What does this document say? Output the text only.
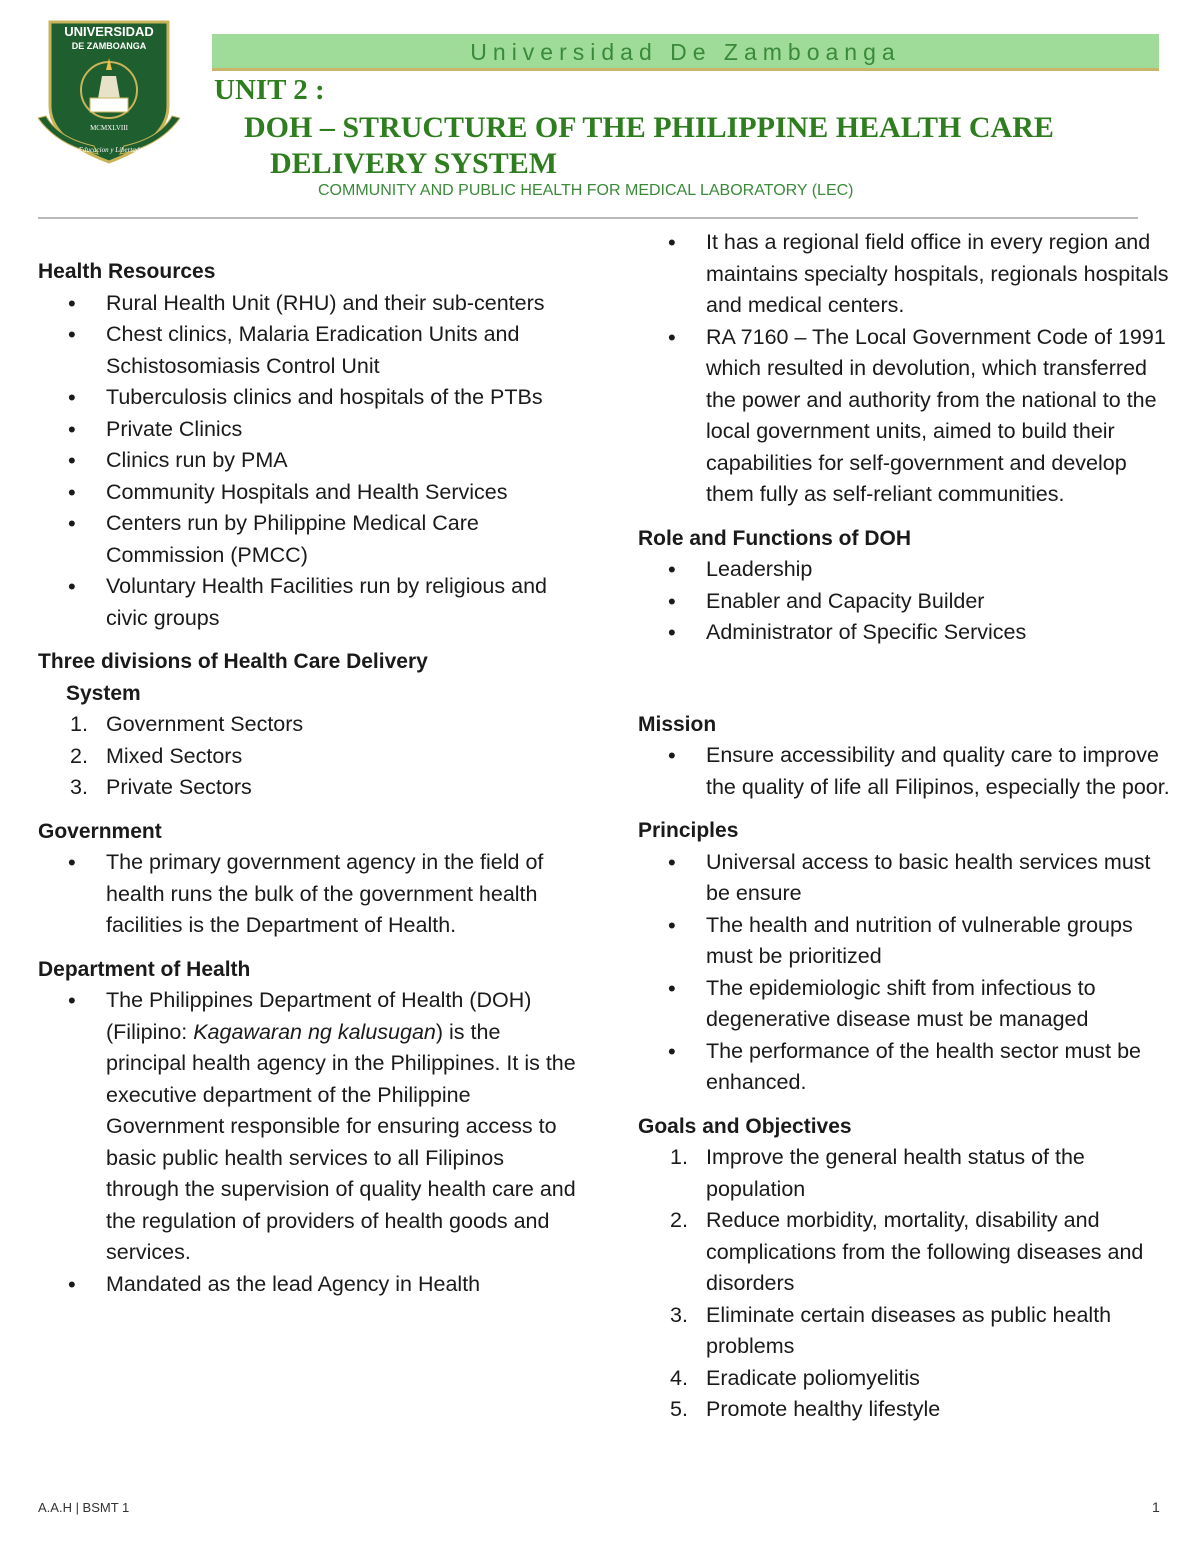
UNIVERSIDAD
DE ZAMBOANGA
MCMXLVIII
Educacion y Libertad
Universidad De Zamboanga
UNIT 2 :
DOH – STRUCTURE OF THE PHILIPPINE HEALTH CARE
DELIVERY SYSTEM
COMMUNITY AND PUBLIC HEALTH FOR MEDICAL LABORATORY (LEC)
Health Resources
• Rural Health Unit (RHU) and their sub-centers
• Chest clinics, Malaria Eradication Units and Schistosomiasis Control Unit
• Tuberculosis clinics and hospitals of the PTBs
• Private Clinics
• Clinics run by PMA
• Community Hospitals and Health Services
• Centers run by Philippine Medical Care Commission (PMCC)
• Voluntary Health Facilities run by religious and civic groups
Three divisions of Health Care Delivery
System
1. Government Sectors
2. Mixed Sectors
3. Private Sectors
Government
• The primary government agency in the field of health runs the bulk of the government health facilities is the Department of Health.
Department of Health
• The Philippines Department of Health (DOH) (Filipino: Kagawaran ng kalusugan) is the principal health agency in the Philippines. It is the executive department of the Philippine Government responsible for ensuring access to basic public health services to all Filipinos through the supervision of quality health care and the regulation of providers of health goods and services.
• Mandated as the lead Agency in Health
• It has a regional field office in every region and maintains specialty hospitals, regionals hospitals and medical centers.
• RA 7160 – The Local Government Code of 1991 which resulted in devolution, which transferred the power and authority from the national to the local government units, aimed to build their capabilities for self-government and develop them fully as self-reliant communities.
Role and Functions of DOH
• Leadership
• Enabler and Capacity Builder
• Administrator of Specific Services
Mission
• Ensure accessibility and quality care to improve the quality of life all Filipinos, especially the poor.
Principles
• Universal access to basic health services must be ensure
• The health and nutrition of vulnerable groups must be prioritized
• The epidemiologic shift from infectious to degenerative disease must be managed
• The performance of the health sector must be enhanced.
Goals and Objectives
1. Improve the general health status of the population
2. Reduce morbidity, mortality, disability and complications from the following diseases and disorders
3. Eliminate certain diseases as public health problems
4. Eradicate poliomyelitis
5. Promote healthy lifestyle
A.A.H | BSMT 1	1
